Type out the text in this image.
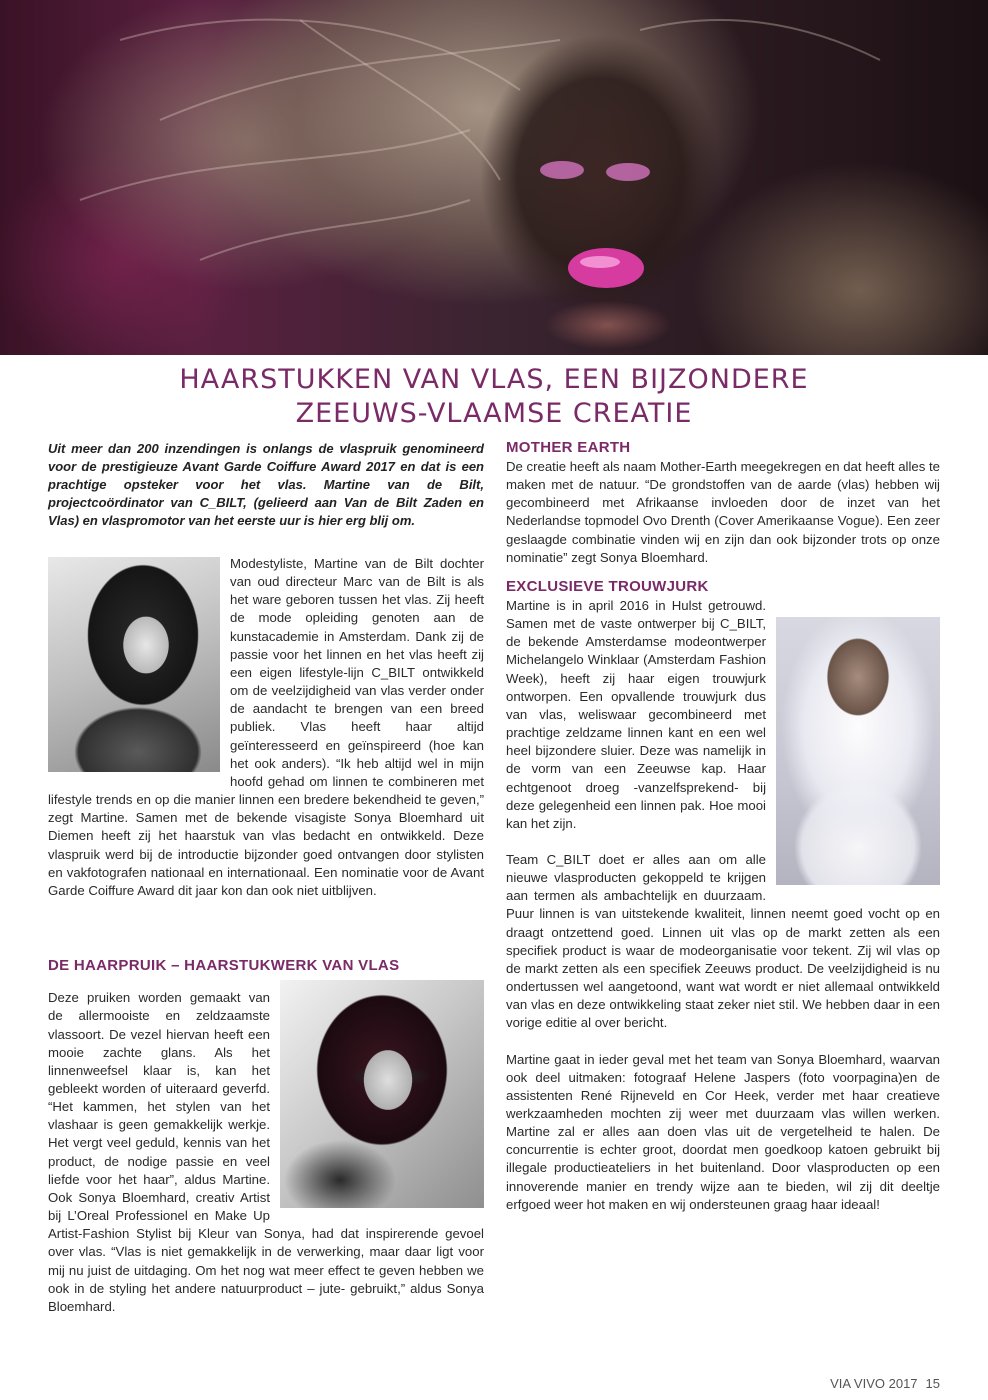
HAARSTUKKEN VAN VLAS, EEN BIJZONDERE
ZEEUWS-VLAAMSE CREATIE

Uit meer dan 200 inzendingen is onlangs de vlaspruik genomineerd voor de prestigieuze Avant Garde Coiffure Award 2017 en dat is een prachtige opsteker voor het vlas. Martine van de Bilt, projectcoördinator van C_BILT, (gelieerd aan Van de Bilt Zaden en Vlas) en vlaspromotor van het eerste uur is hier erg blij om.

Modestyliste, Martine van de Bilt dochter van oud directeur Marc van de Bilt is als het ware geboren tussen het vlas. Zij heeft de mode opleiding genoten aan de kunstacademie in Amsterdam. Dank zij de passie voor het linnen en het vlas heeft zij een eigen lifestyle-lijn C_BILT ontwikkeld om de veelzijdigheid van vlas verder onder de aandacht te brengen van een breed publiek. Vlas heeft haar altijd geïnteresseerd en geïnspireerd (hoe kan het ook anders). “Ik heb altijd wel in mijn hoofd gehad om linnen te combineren met lifestyle trends en op die manier linnen een bredere bekendheid te geven,” zegt Martine. Samen met de bekende visagiste Sonya Bloemhard uit Diemen heeft zij het haarstuk van vlas bedacht en ontwikkeld. Deze vlaspruik werd bij de introductie bijzonder goed ontvangen door stylisten en vakfotografen nationaal en internationaal. Een nominatie voor de Avant Garde Coiffure Award dit jaar kon dan ook niet uitblijven.

DE HAARPRUIK – HAARSTUKWERK VAN VLAS

Deze pruiken worden gemaakt van de allermooiste en zeldzaamste vlassoort. De vezel hiervan heeft een mooie zachte glans. Als het linnenweefsel klaar is, kan het gebleekt worden of uiteraard geverfd. “Het kammen, het stylen van het vlashaar is geen gemakkelijk werkje. Het vergt veel geduld, kennis van het product, de nodige passie en veel liefde voor het haar”, aldus Martine. Ook Sonya Bloemhard, creativ Artist bij L’Oreal Professionel en Make Up Artist-Fashion Stylist bij Kleur van Sonya, had dat inspirerende gevoel over vlas. “Vlas is niet gemakkelijk in de verwerking, maar daar ligt voor mij nu juist de uitdaging. Om het nog wat meer effect te geven hebben we ook in de styling het andere natuurproduct – jute- gebruikt,” aldus Sonya Bloemhard.

MOTHER EARTH

De creatie heeft als naam Mother-Earth meegekregen en dat heeft alles te maken met de natuur. “De grondstoffen van de aarde (vlas) hebben wij gecombineerd met Afrikaanse invloeden door de inzet van het Nederlandse topmodel Ovo Drenth (Cover Amerikaanse Vogue). Een zeer geslaagde combinatie vinden wij en zijn dan ook bijzonder trots op onze nominatie” zegt Sonya Bloemhard.

EXCLUSIEVE TROUWJURK

Martine is in april 2016 in Hulst getrouwd. Samen met de vaste ontwerper bij C_BILT, de bekende Amsterdamse modeontwerper Michelangelo Winklaar (Amsterdam Fashion Week), heeft zij haar eigen trouwjurk ontworpen. Een opvallende trouwjurk dus van vlas, weliswaar gecombineerd met prachtige zeldzame linnen kant en een wel heel bijzondere sluier. Deze was namelijk in de vorm van een Zeeuwse kap. Haar echtgenoot droeg -vanzelfsprekend- bij deze gelegenheid een linnen pak. Hoe mooi kan het zijn.

Team C_BILT doet er alles aan om alle nieuwe vlasproducten gekoppeld te krijgen aan termen als ambachtelijk en duurzaam. Puur linnen is van uitstekende kwaliteit, linnen neemt goed vocht op en draagt ontzettend goed. Linnen uit vlas op de markt zetten als een specifiek product is waar de modeorganisatie voor tekent. Zij wil vlas op de markt zetten als een specifiek Zeeuws product. De veelzijdigheid is nu ondertussen wel aangetoond, want wat wordt er niet allemaal ontwikkeld van vlas en deze ontwikkeling staat zeker niet stil. We hebben daar in een vorige editie al over bericht.

Martine gaat in ieder geval met het team van Sonya Bloemhard, waarvan ook deel uitmaken: fotograaf Helene Jaspers (foto voorpagina)en de assistenten René Rijneveld en Cor Heek, verder met haar creatieve werkzaamheden mochten zij weer met duurzaam vlas willen werken. Martine zal er alles aan doen vlas uit de vergetelheid te halen. De concurrentie is echter groot, doordat men goedkoop katoen gebruikt bij illegale productieateliers in het buitenland. Door vlasproducten op een innoverende manier en trendy wijze aan te bieden, wil zij dit deeltje erfgoed weer hot maken en wij ondersteunen graag haar ideaal!

VIA VIVO 2017 15
